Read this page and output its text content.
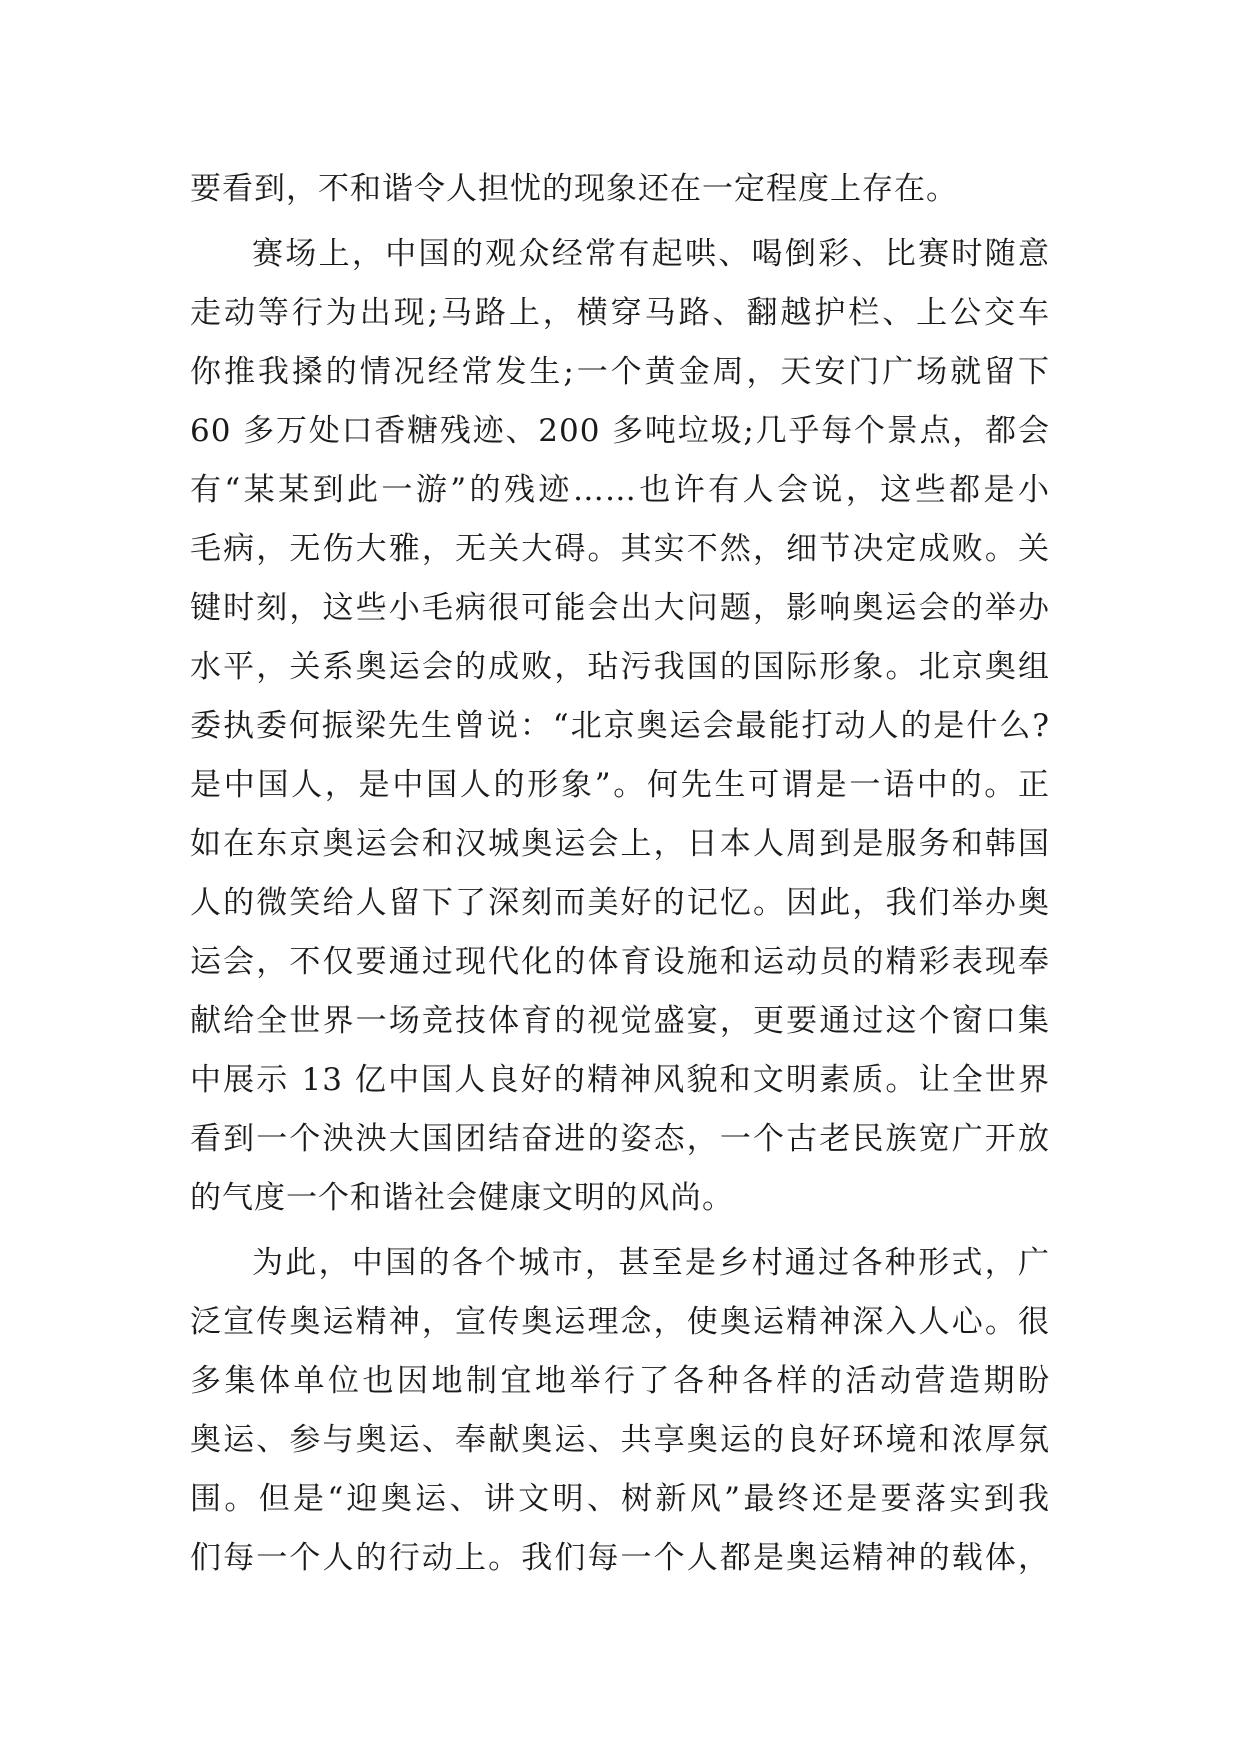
要看到，不和谐令人担忧的现象还在一定程度上存在。
赛场上，中国的观众经常有起哄、喝倒彩、比赛时随意
走动等行为出现;马路上，横穿马路、翻越护栏、上公交车
你推我搡的情况经常发生;一个黄金周，天安门广场就留下
60 多万处口香糖残迹、200 多吨垃圾;几乎每个景点，都会
有“某某到此一游”的残迹……也许有人会说，这些都是小
毛病，无伤大雅，无关大碍。其实不然，细节决定成败。关
键时刻，这些小毛病很可能会出大问题，影响奥运会的举办
水平，关系奥运会的成败，玷污我国的国际形象。北京奥组
委执委何振梁先生曾说：“北京奥运会最能打动人的是什么?
是中国人，是中国人的形象”。何先生可谓是一语中的。正
如在东京奥运会和汉城奥运会上，日本人周到是服务和韩国
人的微笑给人留下了深刻而美好的记忆。因此，我们举办奥
运会，不仅要通过现代化的体育设施和运动员的精彩表现奉
献给全世界一场竞技体育的视觉盛宴，更要通过这个窗口集
中展示 13 亿中国人良好的精神风貌和文明素质。让全世界
看到一个泱泱大国团结奋进的姿态，一个古老民族宽广开放
的气度一个和谐社会健康文明的风尚。
为此，中国的各个城市，甚至是乡村通过各种形式，广
泛宣传奥运精神，宣传奥运理念，使奥运精神深入人心。很
多集体单位也因地制宜地举行了各种各样的活动营造期盼
奥运、参与奥运、奉献奥运、共享奥运的良好环境和浓厚氛
围。但是“迎奥运、讲文明、树新风”最终还是要落实到我
们每一个人的行动上。我们每一个人都是奥运精神的载体，
